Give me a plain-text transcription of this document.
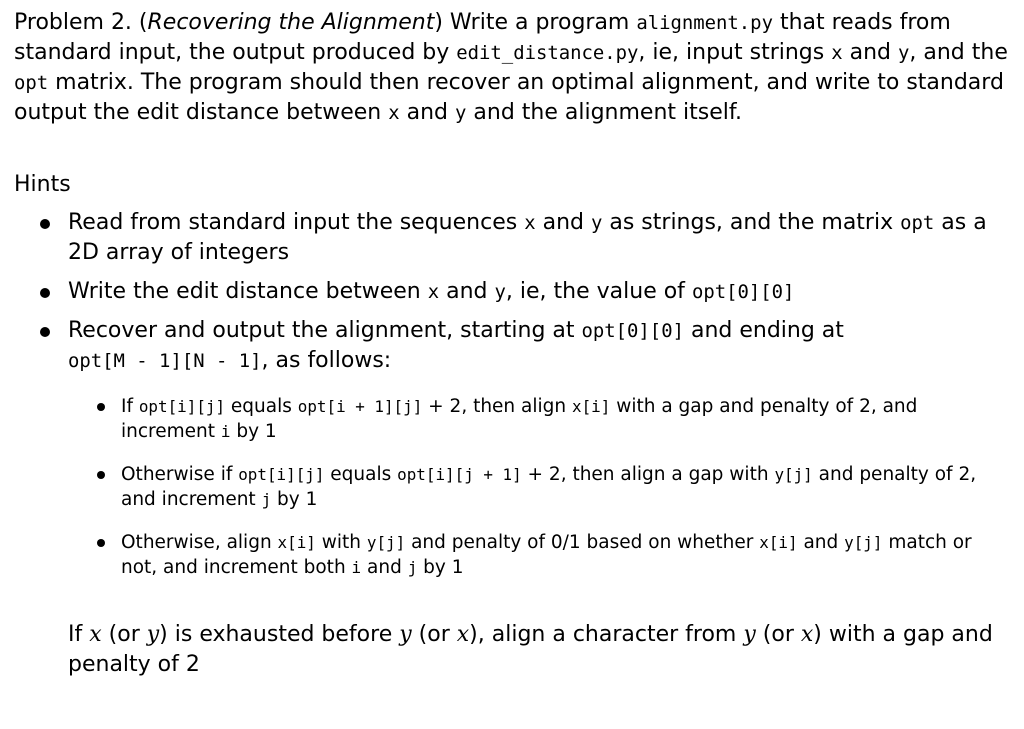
Problem 2. (Recovering the Alignment) Write a program alignment.py that reads from standard input, the output produced by edit_distance.py, ie, input strings x and y, and the opt matrix. The program should then recover an optimal alignment, and write to standard output the edit distance between x and y and the alignment itself.

Hints
Read from standard input the sequences x and y as strings, and the matrix opt as a 2D array of integers
Write the edit distance between x and y, ie, the value of opt[0][0]
Recover and output the alignment, starting at opt[0][0] and ending at
opt[M - 1][N - 1], as follows:
If opt[i][j] equals opt[i + 1][j] + 2, then align x[i] with a gap and penalty of 2, and increment i by 1
Otherwise if opt[i][j] equals opt[i][j + 1] + 2, then align a gap with y[j] and penalty of 2, and increment j by 1
Otherwise, align x[i] with y[j] and penalty of 0/1 based on whether x[i] and y[j] match or not, and increment both i and j by 1

If x (or y) is exhausted before y (or x), align a character from y (or x) with a gap and penalty of 2
